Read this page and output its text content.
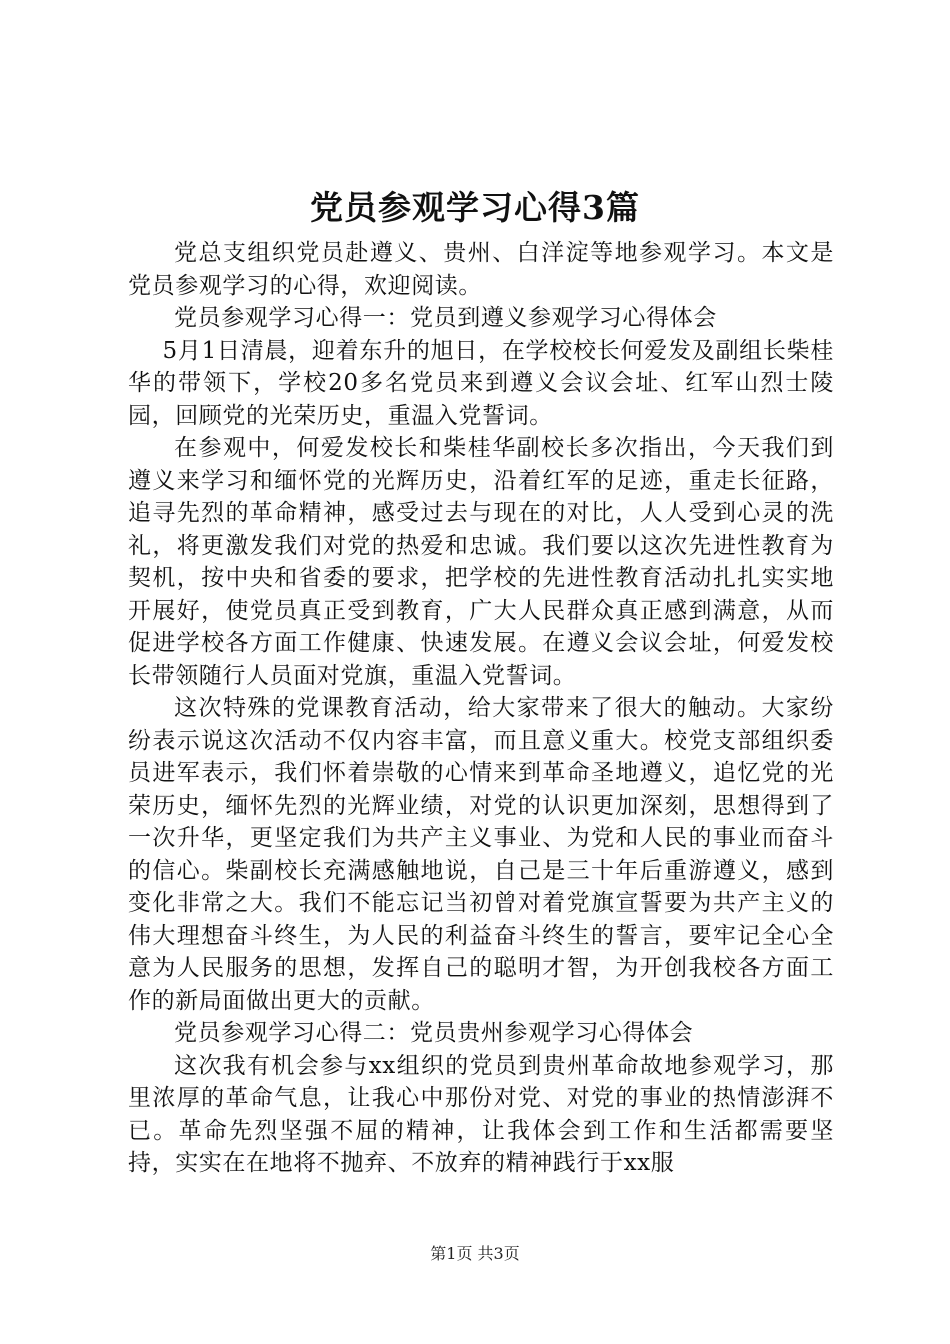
党员参观学习心得3篇

党总支组织党员赴遵义、贵州、白洋淀等地参观学习。本文是党员参观学习的心得，欢迎阅读。

党员参观学习心得一：党员到遵义参观学习心得体会

5月1日清晨，迎着东升的旭日，在学校校长何爱发及副组长柴桂华的带领下，学校20多名党员来到遵义会议会址、红军山烈士陵园，回顾党的光荣历史，重温入党誓词。

在参观中，何爱发校长和柴桂华副校长多次指出，今天我们到遵义来学习和缅怀党的光辉历史，沿着红军的足迹，重走长征路，追寻先烈的革命精神，感受过去与现在的对比，人人受到心灵的洗礼，将更激发我们对党的热爱和忠诚。我们要以这次先进性教育为契机，按中央和省委的要求，把学校的先进性教育活动扎扎实实地开展好，使党员真正受到教育，广大人民群众真正感到满意，从而促进学校各方面工作健康、快速发展。在遵义会议会址，何爱发校长带领随行人员面对党旗，重温入党誓词。

这次特殊的党课教育活动，给大家带来了很大的触动。大家纷纷表示说这次活动不仅内容丰富，而且意义重大。校党支部组织委员进军表示，我们怀着崇敬的心情来到革命圣地遵义，追忆党的光荣历史，缅怀先烈的光辉业绩，对党的认识更加深刻，思想得到了一次升华，更坚定我们为共产主义事业、为党和人民的事业而奋斗的信心。柴副校长充满感触地说，自己是三十年后重游遵义，感到变化非常之大。我们不能忘记当初曾对着党旗宣誓要为共产主义的伟大理想奋斗终生，为人民的利益奋斗终生的誓言，要牢记全心全意为人民服务的思想，发挥自己的聪明才智，为开创我校各方面工作的新局面做出更大的贡献。

党员参观学习心得二：党员贵州参观学习心得体会

这次我有机会参与xx组织的党员到贵州革命故地参观学习，那里浓厚的革命气息，让我心中那份对党、对党的事业的热情澎湃不已。革命先烈坚强不屈的精神，让我体会到工作和生活都需要坚持，实实在在地将不抛弃、不放弃的精神践行于xx服

第1页 共3页
